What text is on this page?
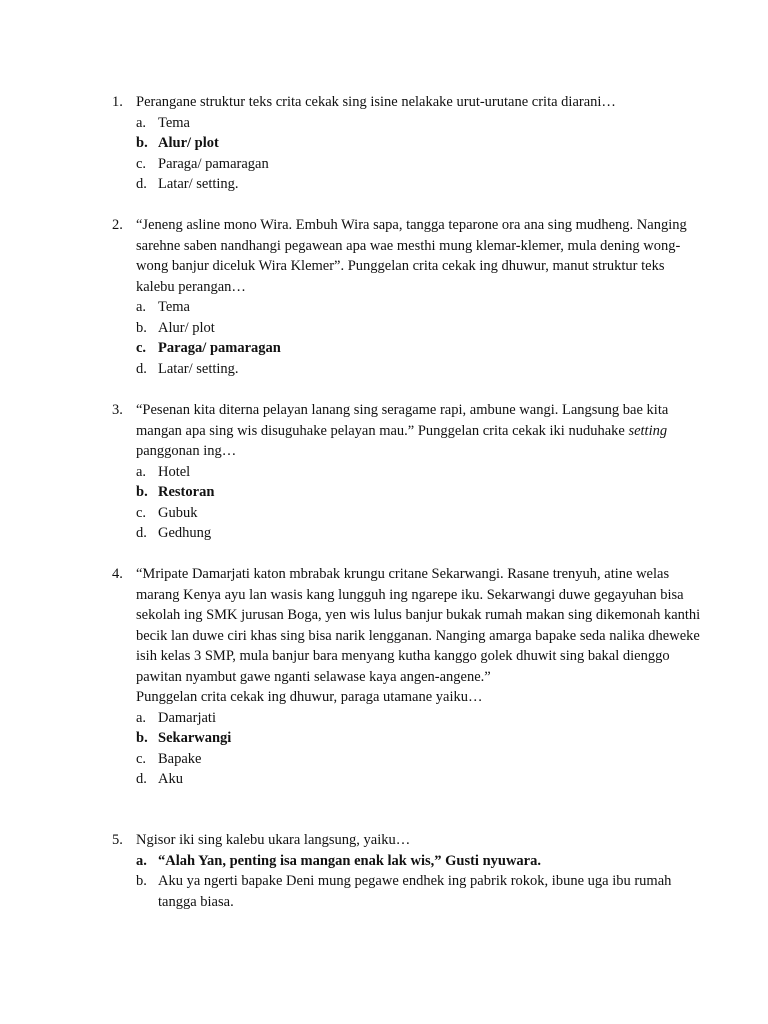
1. Perangane struktur teks crita cekak sing isine nelakake urut-urutane crita diarani…
a. Tema
b. Alur/ plot
c. Paraga/ pamaragan
d. Latar/ setting.
2. “Jeneng asline mono Wira. Embuh Wira sapa, tangga teparone ora ana sing mudheng. Nanging sarehne saben nandhangi pegawean apa wae mesthi mung klemar-klemer, mula dening wong-wong banjur diceluk Wira Klemer”. Punggelan crita cekak ing dhuwur, manut struktur teks kalebu perangan…
a. Tema
b. Alur/ plot
c. Paraga/ pamaragan
d. Latar/ setting.
3. “Pesenan kita diterna pelayan lanang sing seragame rapi, ambune wangi. Langsung bae kita mangan apa sing wis disuguhake pelayan mau.” Punggelan crita cekak iki nuduhake setting panggonan ing…
a. Hotel
b. Restoran
c. Gubuk
d. Gedhung
4. “Mripate Damarjati katon mbrabak krungu critane Sekarwangi. Rasane trenyuh, atine welas marang Kenya ayu lan wasis kang lungguh ing ngarepe iku. Sekarwangi duwe gegayuhan bisa sekolah ing SMK jurusan Boga, yen wis lulus banjur bukak rumah makan sing dikemonah kanthi becik lan duwe ciri khas sing bisa narik lengganan. Nanging amarga bapake seda nalika dheweke isih kelas 3 SMP, mula banjur bara menyang kutha kanggo golek dhuwit sing bakal dienggo pawitan nyambut gawe nganti selawase kaya angen-angene.”
Punggelan crita cekak ing dhuwur, paraga utamane yaiku…
a. Damarjati
b. Sekarwangi
c. Bapake
d. Aku
5. Ngisor iki sing kalebu ukara langsung, yaiku…
a. “Alah Yan, penting isa mangan enak lak wis,” Gusti nyuwara.
b. Aku ya ngerti bapake Deni mung pegawe endhek ing pabrik rokok, ibune uga ibu rumah tangga biasa.
